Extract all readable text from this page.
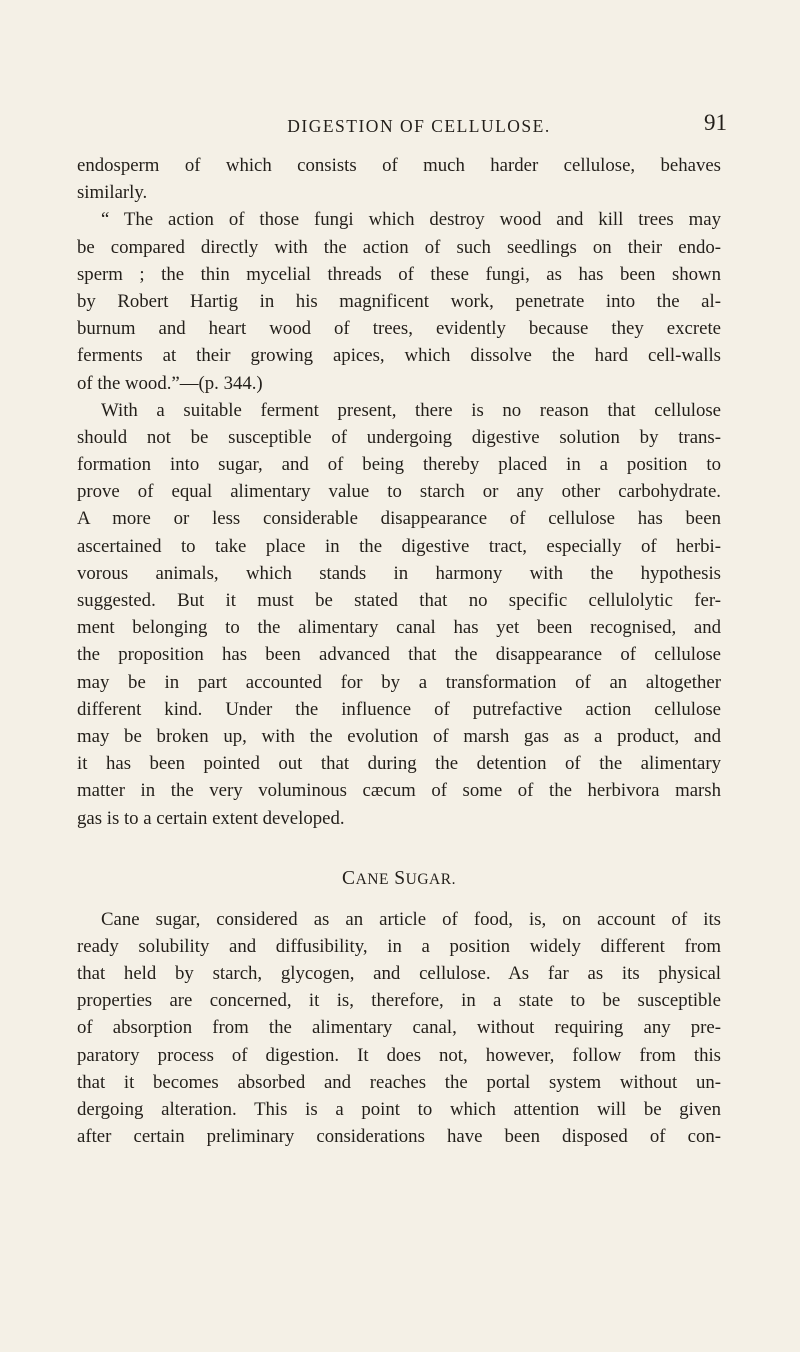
DIGESTION OF CELLULOSE.	91
endosperm of which consists of much harder cellulose, behaves
similarly.
“ The action of those fungi which destroy wood and kill trees may
be compared directly with the action of such seedlings on their endo-
sperm ; the thin mycelial threads of these fungi, as has been shown
by Robert Hartig in his magnificent work, penetrate into the al-
burnum and heart wood of trees, evidently because they excrete
ferments at their growing apices, which dissolve the hard cell-walls
of the wood.”—(p. 344.)
With a suitable ferment present, there is no reason that cellulose
should not be susceptible of undergoing digestive solution by trans-
formation into sugar, and of being thereby placed in a position to
prove of equal alimentary value to starch or any other carbohydrate.
A more or less considerable disappearance of cellulose has been
ascertained to take place in the digestive tract, especially of herbi-
vorous animals, which stands in harmony with the hypothesis
suggested. But it must be stated that no specific cellulolytic fer-
ment belonging to the alimentary canal has yet been recognised, and
the proposition has been advanced that the disappearance of cellulose
may be in part accounted for by a transformation of an altogether
different kind. Under the influence of putrefactive action cellulose
may be broken up, with the evolution of marsh gas as a product, and
it has been pointed out that during the detention of the alimentary
matter in the very voluminous cæcum of some of the herbivora marsh
gas is to a certain extent developed.
CANE SUGAR.
Cane sugar, considered as an article of food, is, on account of its
ready solubility and diffusibility, in a position widely different from
that held by starch, glycogen, and cellulose. As far as its physical
properties are concerned, it is, therefore, in a state to be susceptible
of absorption from the alimentary canal, without requiring any pre-
paratory process of digestion. It does not, however, follow from this
that it becomes absorbed and reaches the portal system without un-
dergoing alteration. This is a point to which attention will be given
after certain preliminary considerations have been disposed of con-
